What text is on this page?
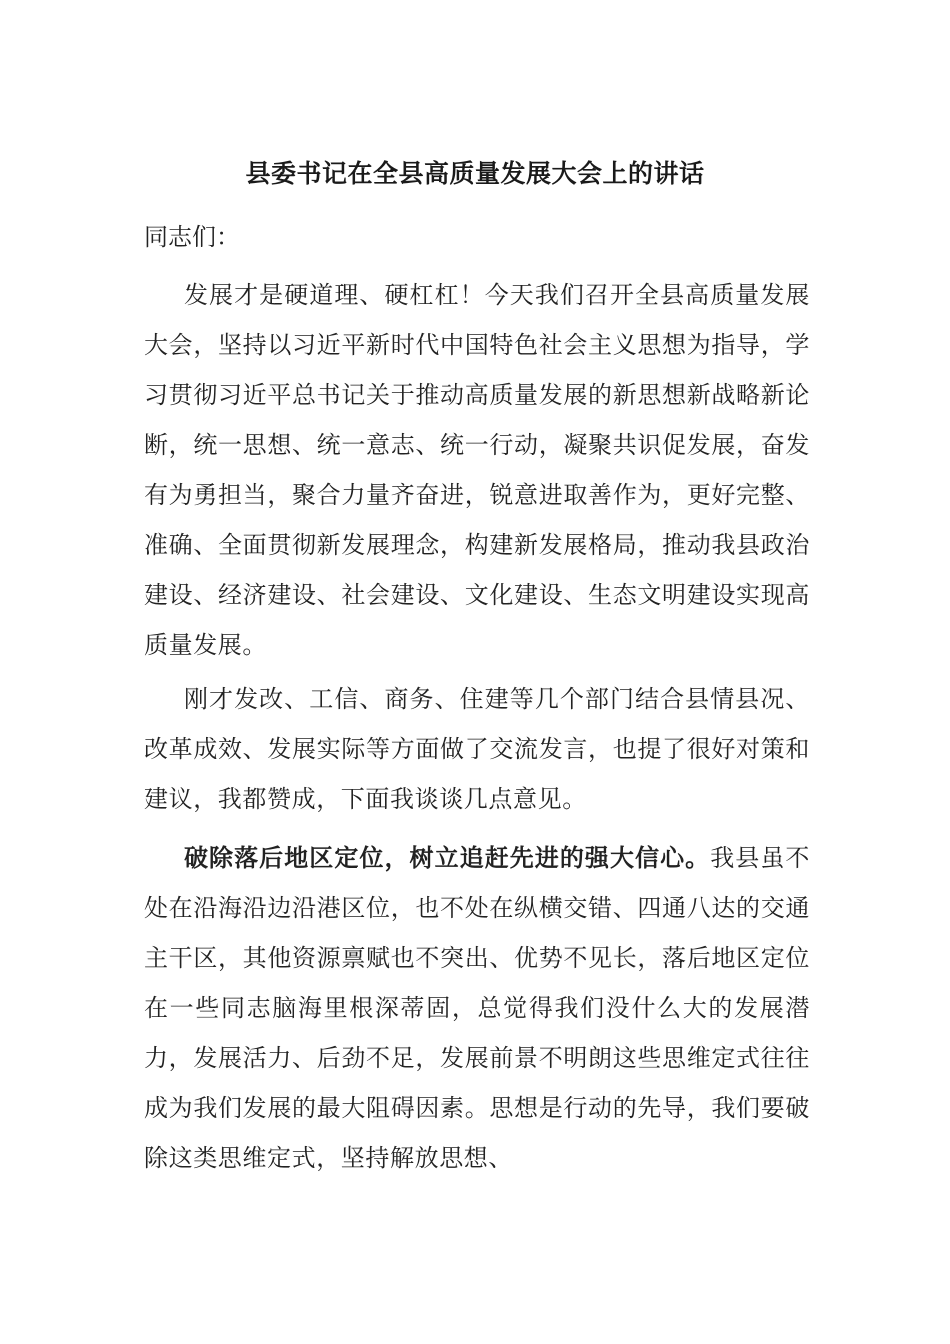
县委书记在全县高质量发展大会上的讲话
同志们：

发展才是硬道理、硬杠杠！今天我们召开全县高质量发展大会，坚持以习近平新时代中国特色社会主义思想为指导，学习贯彻习近平总书记关于推动高质量发展的新思想新战略新论断，统一思想、统一意志、统一行动，凝聚共识促发展，奋发有为勇担当，聚合力量齐奋进，锐意进取善作为，更好完整、准确、全面贯彻新发展理念，构建新发展格局，推动我县政治建设、经济建设、社会建设、文化建设、生态文明建设实现高质量发展。

刚才发改、工信、商务、住建等几个部门结合县情县况、改革成效、发展实际等方面做了交流发言，也提了很好对策和建议，我都赞成，下面我谈谈几点意见。

破除落后地区定位，树立追赶先进的强大信心。我县虽不处在沿海沿边沿港区位，也不处在纵横交错、四通八达的交通主干区，其他资源禀赋也不突出、优势不见长，落后地区定位在一些同志脑海里根深蒂固，总觉得我们没什么大的发展潜力，发展活力、后劲不足，发展前景不明朗这些思维定式往往成为我们发展的最大阻碍因素。思想是行动的先导，我们要破除这类思维定式，坚持解放思想、
